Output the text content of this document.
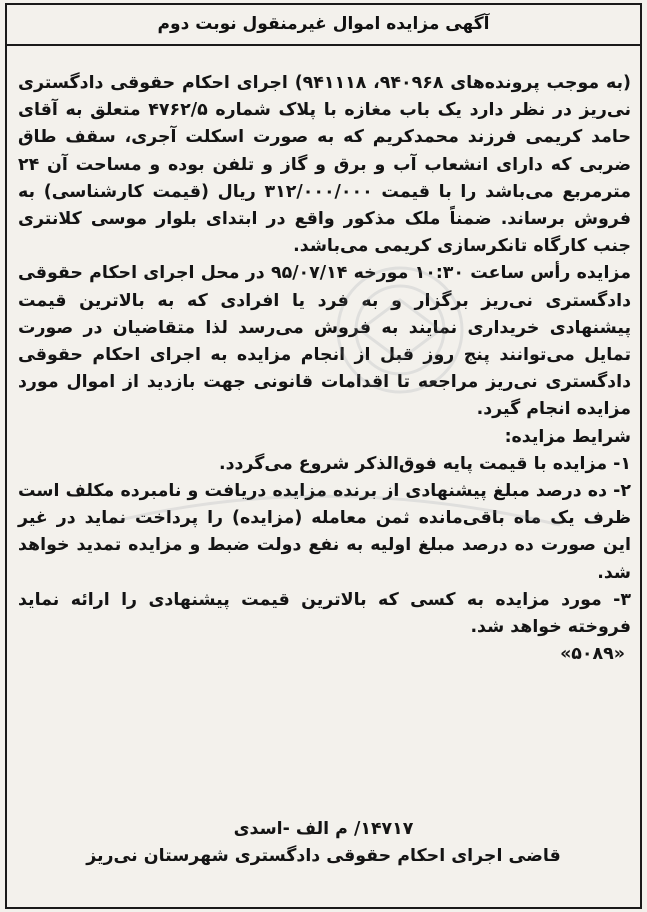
آگهی مزایده اموال غیرمنقول نوبت دوم

(به موجب پرونده‌های ۹۴۰۹۶۸، ۹۴۱۱۱۸) اجرای احکام حقوقی دادگستری نی‌ریز در نظر دارد یک باب مغازه با پلاک شماره ۴۷۶۲/۵ متعلق به آقای حامد کریمی فرزند محمدکریم که به صورت اسکلت آجری، سقف طاق ضربی که دارای انشعاب آب و برق و گاز و تلفن بوده و مساحت آن ۲۴ مترمربع می‌باشد را با قیمت ۳۱۲/۰۰۰/۰۰۰ ریال (قیمت کارشناسی) به فروش برساند. ضمناً ملک مذکور واقع در ابتدای بلوار موسی کلانتری جنب کارگاه تانکرسازی کریمی می‌باشد.

مزایده رأس ساعت ۱۰:۳۰ مورخه ۹۵/۰۷/۱۴ در محل اجرای احکام حقوقی دادگستری نی‌ریز برگزار و به فرد یا افرادی که به بالاترین قیمت پیشنهادی خریداری نمایند به فروش می‌رسد لذا متقاضیان در صورت تمایل می‌توانند پنج روز قبل از انجام مزایده به اجرای احکام حقوقی دادگستری نی‌ریز مراجعه تا اقدامات قانونی جهت بازدید از اموال مورد مزایده انجام گیرد.

شرایط مزایده:

۱- مزایده با قیمت پایه فوق‌الذکر شروع می‌گردد.

۲- ده درصد مبلغ پیشنهادی از برنده مزایده دریافت و نامبرده مکلف است ظرف یک ماه باقی‌مانده ثمن معامله (مزایده) را پرداخت نماید در غیر این صورت ده درصد مبلغ اولیه به نفع دولت ضبط و مزایده تمدید خواهد شد.

۳- مورد مزایده به کسی که بالاترین قیمت پیشنهادی را ارائه نماید فروخته خواهد شد.

«۵۰۸۹»

۱۴۷۱۷/ م الف -اسدی
قاضی اجرای احکام حقوقی دادگستری شهرستان نی‌ریز
